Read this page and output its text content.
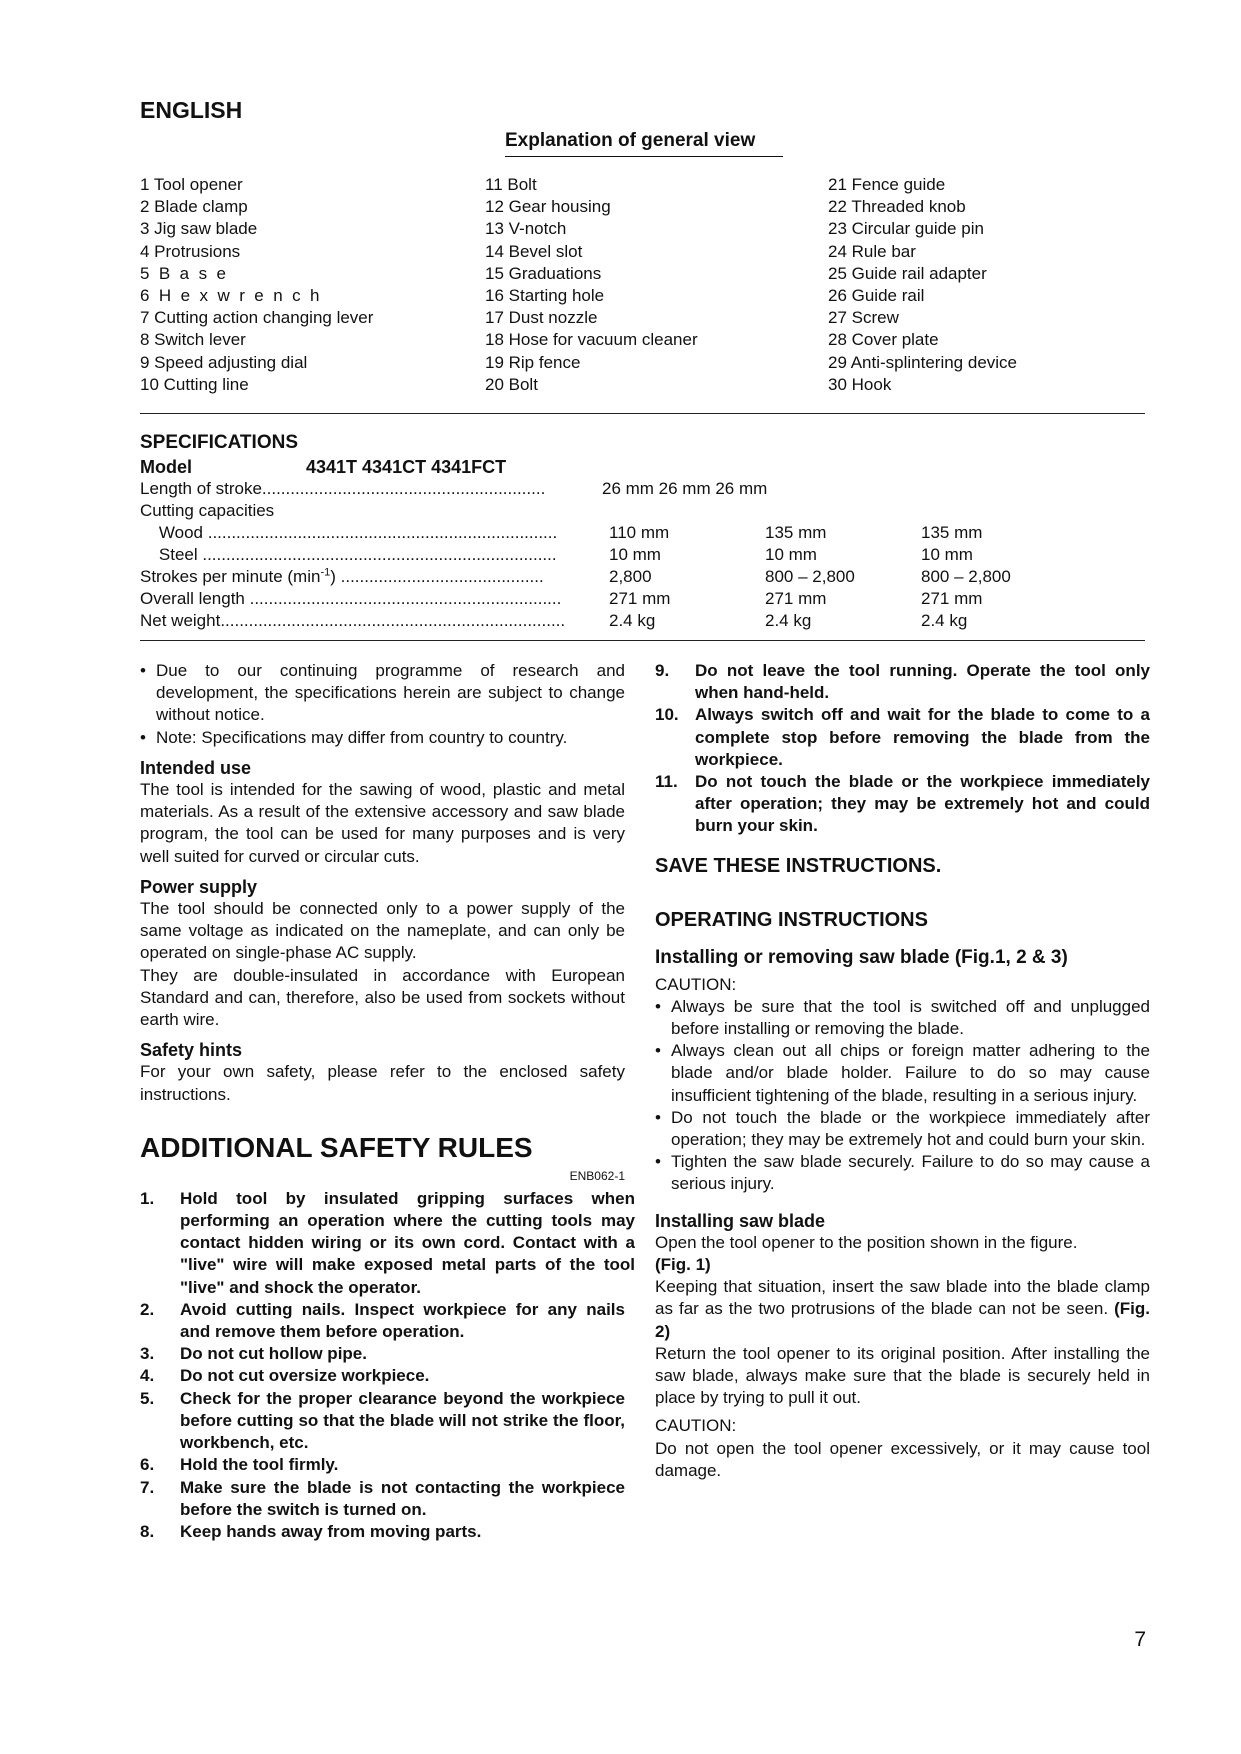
ENGLISH
Explanation of general view
1 Tool opener
2 Blade clamp
3 Jig saw blade
4 Protrusions
5  B  a  s  e
6  H  e  x  w  r  e  n  c  h
7 Cutting action changing lever
8 Switch lever
9 Speed adjusting dial
10 Cutting line
11 Bolt
12 Gear housing
13 V-notch
14 Bevel slot
15 Graduations
16 Starting hole
17 Dust nozzle
18 Hose for vacuum cleaner
19 Rip fence
20 Bolt
21 Fence guide
22 Threaded knob
23 Circular guide pin
24 Rule bar
25 Guide rail adapter
26 Guide rail
27 Screw
28 Cover plate
29 Anti-splintering device
30 Hook
SPECIFICATIONS
Model	4341T 4341CT 4341FCT
Length of stroke............................................................	26 mm 26 mm 26 mm
Cutting capacities
Wood ..........................................................................	110 mm	135 mm	135 mm
Steel ...........................................................................	10 mm	10 mm	10 mm
Strokes per minute $(\min^{-1})$ ...........................................	2,800	800 – 2,800	800 – 2,800
Overall length ..................................................................	271 mm	271 mm	271 mm
Net weight.........................................................................	2.4 kg	2.4 kg	2.4 kg
• Due to our continuing programme of research and development, the specifications herein are subject to change without notice.
• Note: Specifications may differ from country to country.
Intended use

The tool is intended for the sawing of wood, plastic and metal materials. As a result of the extensive accessory and saw blade program, the tool can be used for many purposes and is very well suited for curved or circular cuts.

Power supply

The tool should be connected only to a power supply of the same voltage as indicated on the nameplate, and can only be operated on single-phase AC supply.

They are double-insulated in accordance with European Standard and can, therefore, also be used from sockets without earth wire.

Safety hints

For your own safety, please refer to the enclosed safety instructions.

ADDITIONAL SAFETY RULES
ENB062-1
1. Hold tool by insulated gripping surfaces when performing an operation where the cutting tools may contact hidden wiring or its own cord. Contact with a "live" wire will make exposed metal parts of the tool "live" and shock the operator.
2. Avoid cutting nails. Inspect workpiece for any nails and remove them before operation.
3. Do not cut hollow pipe.
4. Do not cut oversize workpiece.
5. Check for the proper clearance beyond the workpiece before cutting so that the blade will not strike the floor, workbench, etc.
6. Hold the tool firmly.
7. Make sure the blade is not contacting the workpiece before the switch is turned on.
8. Keep hands away from moving parts.
9. Do not leave the tool running. Operate the tool only when hand-held.
10. Always switch off and wait for the blade to come to a complete stop before removing the blade from the workpiece.
11. Do not touch the blade or the workpiece immediately after operation; they may be extremely hot and could burn your skin.
SAVE THESE INSTRUCTIONS.
OPERATING INSTRUCTIONS
Installing or removing saw blade (Fig.1, 2 & 3)
CAUTION:
• Always be sure that the tool is switched off and unplugged before installing or removing the blade.
• Always clean out all chips or foreign matter adhering to the blade and/or blade holder. Failure to do so may cause insufficient tightening of the blade, resulting in a serious injury.
• Do not touch the blade or the workpiece immediately after operation; they may be extremely hot and could burn your skin.
• Tighten the saw blade securely. Failure to do so may cause a serious injury.
Installing saw blade

Open the tool opener to the position shown in the figure.
(Fig. 1)

Keeping that situation, insert the saw blade into the blade clamp as far as the two protrusions of the blade can not be seen. (Fig. 2)

Return the tool opener to its original position. After installing the saw blade, always make sure that the blade is securely held in place by trying to pull it out.

CAUTION:

Do not open the tool opener excessively, or it may cause tool damage.

7
